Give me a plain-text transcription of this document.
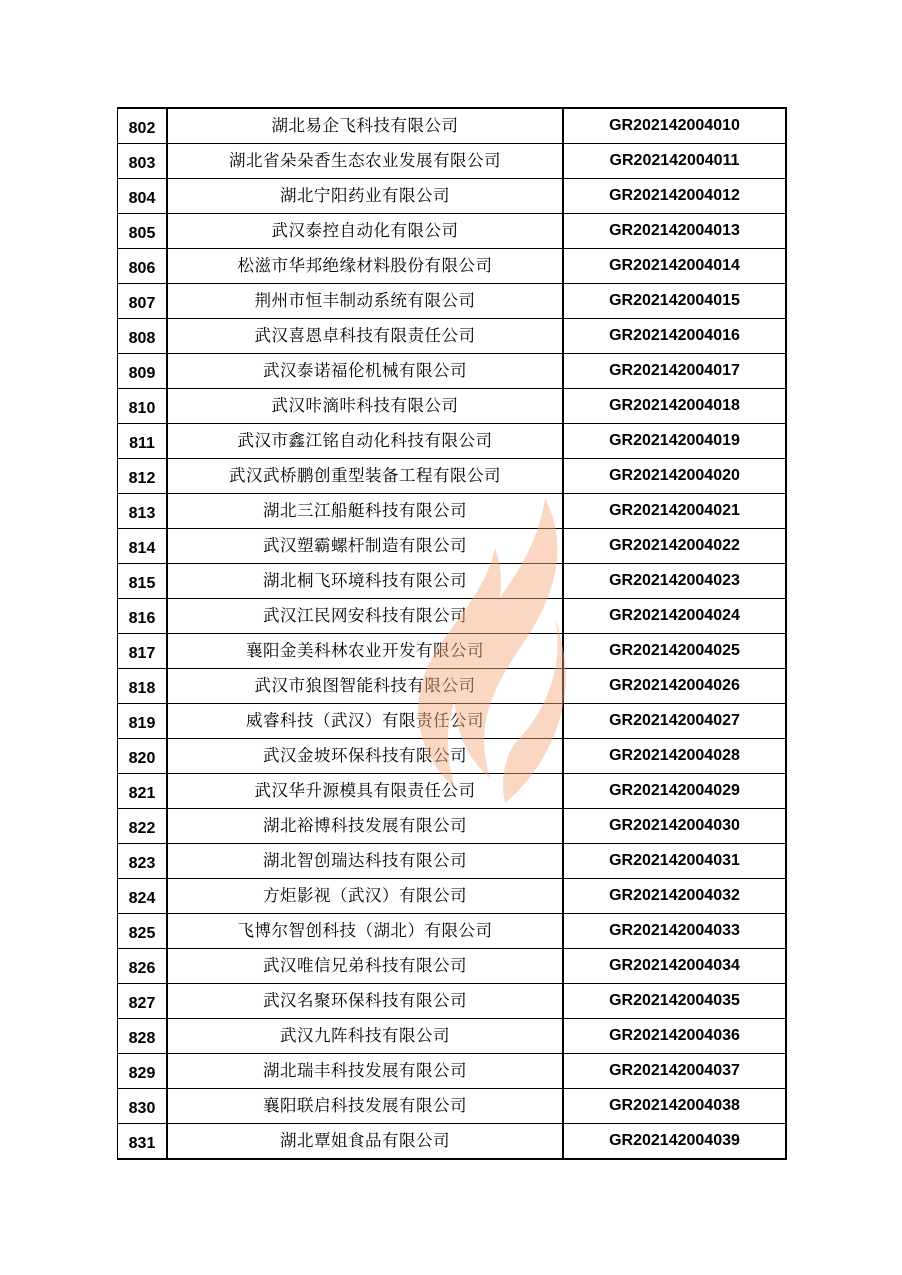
802	湖北易企飞科技有限公司	GR202142004010
803	湖北省朵朵香生态农业发展有限公司	GR202142004011
804	湖北宁阳药业有限公司	GR202142004012
805	武汉泰控自动化有限公司	GR202142004013
806	松滋市华邦绝缘材料股份有限公司	GR202142004014
807	荆州市恒丰制动系统有限公司	GR202142004015
808	武汉喜恩卓科技有限责任公司	GR202142004016
809	武汉泰诺福伦机械有限公司	GR202142004017
810	武汉咔滴咔科技有限公司	GR202142004018
811	武汉市鑫江铭自动化科技有限公司	GR202142004019
812	武汉武桥鹏创重型装备工程有限公司	GR202142004020
813	湖北三江船艇科技有限公司	GR202142004021
814	武汉塑霸螺杆制造有限公司	GR202142004022
815	湖北桐飞环境科技有限公司	GR202142004023
816	武汉江民网安科技有限公司	GR202142004024
817	襄阳金美科林农业开发有限公司	GR202142004025
818	武汉市狼图智能科技有限公司	GR202142004026
819	威睿科技（武汉）有限责任公司	GR202142004027
820	武汉金坡环保科技有限公司	GR202142004028
821	武汉华升源模具有限责任公司	GR202142004029
822	湖北裕博科技发展有限公司	GR202142004030
823	湖北智创瑞达科技有限公司	GR202142004031
824	方炬影视（武汉）有限公司	GR202142004032
825	飞博尔智创科技（湖北）有限公司	GR202142004033
826	武汉唯信兄弟科技有限公司	GR202142004034
827	武汉名聚环保科技有限公司	GR202142004035
828	武汉九阵科技有限公司	GR202142004036
829	湖北瑞丰科技发展有限公司	GR202142004037
830	襄阳联启科技发展有限公司	GR202142004038
831	湖北覃姐食品有限公司	GR202142004039
